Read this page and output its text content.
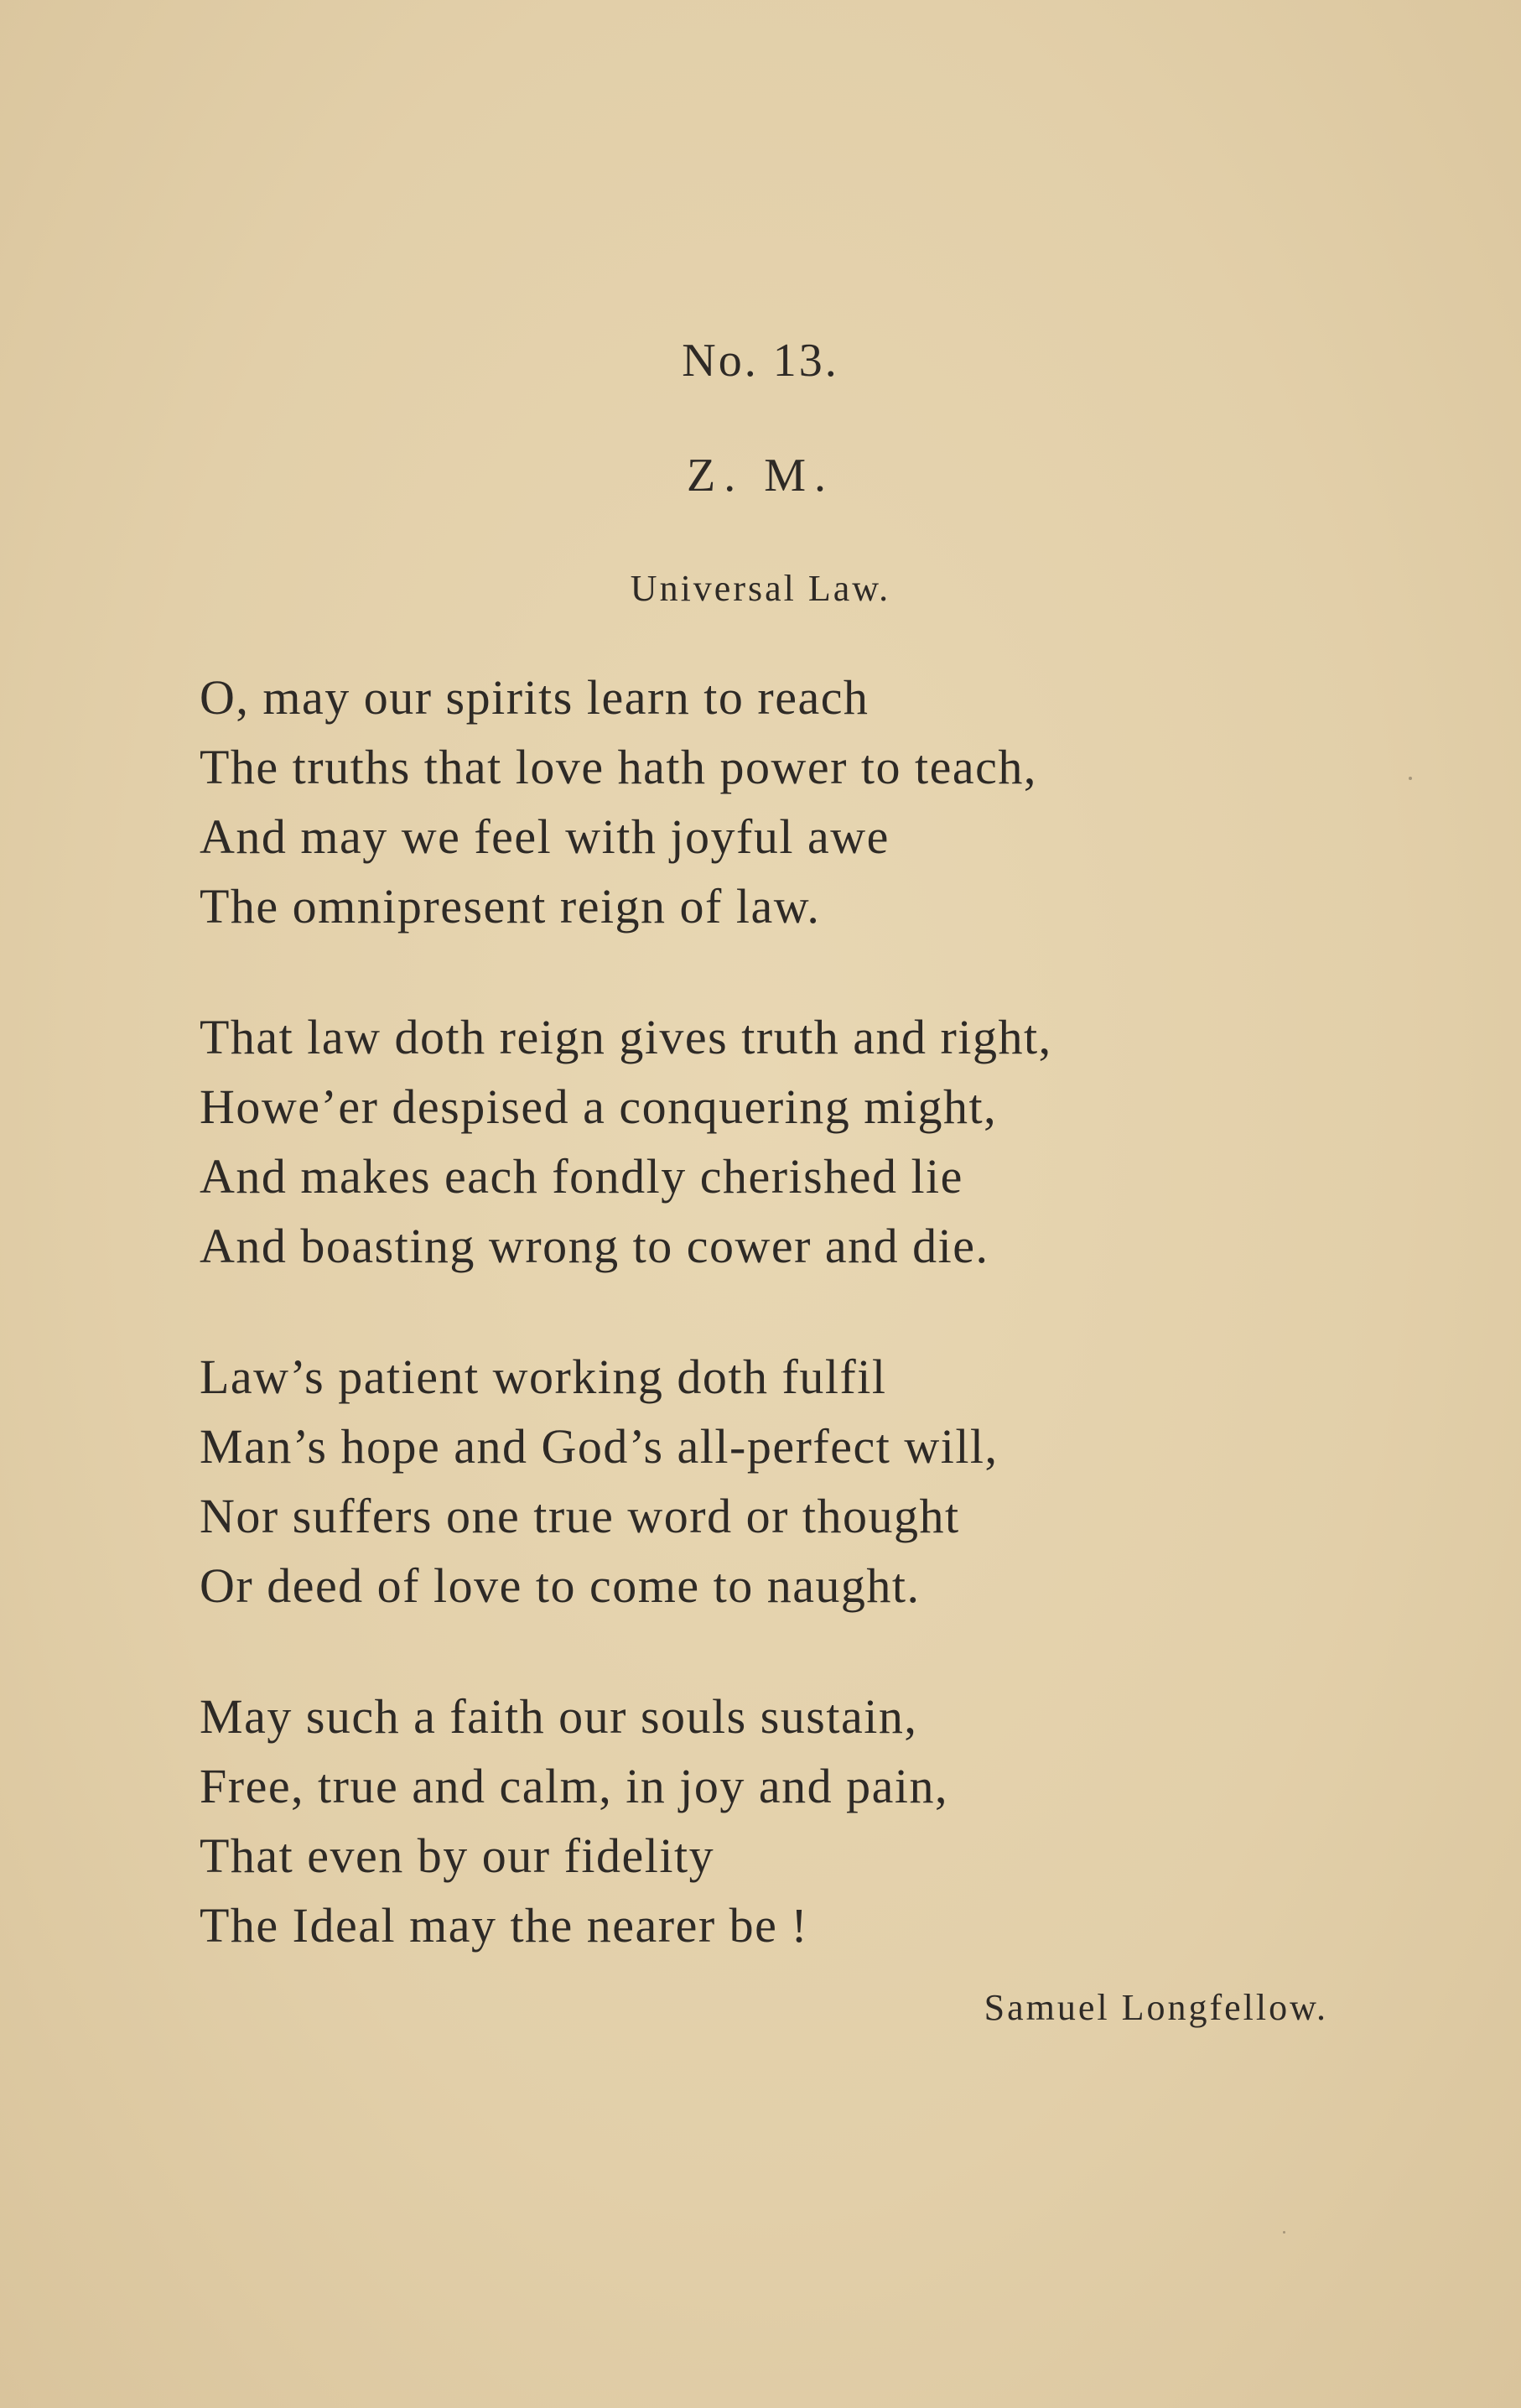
No. 13.
Z. M.
Universal Law.
O, may our spirits learn to reach
The truths that love hath power to teach,
And may we feel with joyful awe
The omnipresent reign of law.
That law doth reign gives truth and right,
Howe’er despised a conquering might,
And makes each fondly cherished lie
And boasting wrong to cower and die.
Law’s patient working doth fulfil
Man’s hope and God’s all-perfect will,
Nor suffers one true word or thought
Or deed of love to come to naught.
May such a faith our souls sustain,
Free, true and calm, in joy and pain,
That even by our fidelity
The Ideal may the nearer be !
Samuel Longfellow.
